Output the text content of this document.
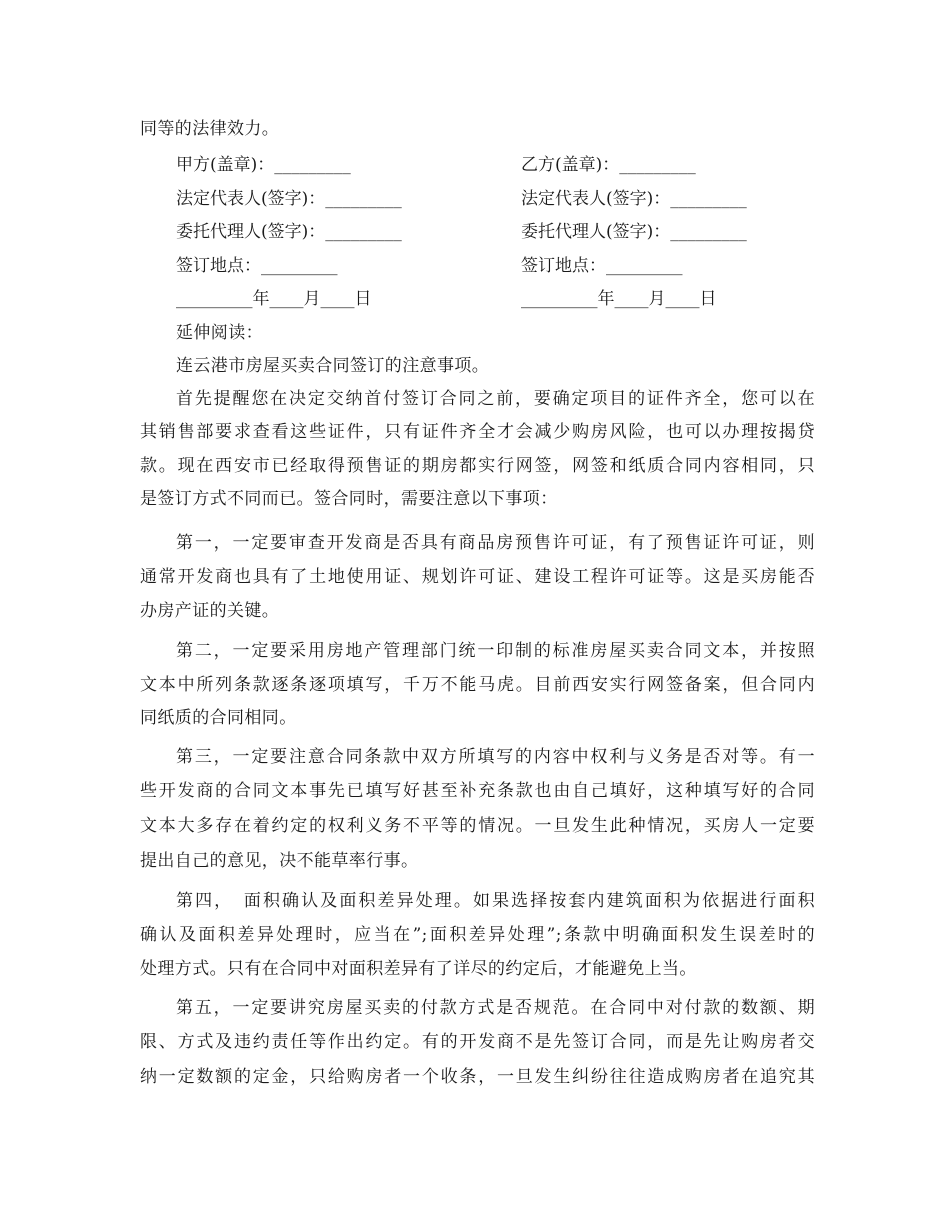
同等的法律效力。
甲方(盖章)：_________	乙方(盖章)：_________
法定代表人(签字)：_________	法定代表人(签字)：_________
委托代理人(签字)：_________	委托代理人(签字)：_________
签订地点：_________	签订地点：_________
_________年____月____日	_________年____月____日
延伸阅读：
连云港市房屋买卖合同签订的注意事项。
首先提醒您在决定交纳首付签订合同之前，要确定项目的证件齐全，您可以在
其销售部要求查看这些证件，只有证件齐全才会减少购房风险，也可以办理按揭贷
款。现在西安市已经取得预售证的期房都实行网签，网签和纸质合同内容相同，只
是签订方式不同而已。签合同时，需要注意以下事项：
第一，一定要审查开发商是否具有商品房预售许可证，有了预售证许可证，则
通常开发商也具有了土地使用证、规划许可证、建设工程许可证等。这是买房能否
办房产证的关键。
第二，一定要采用房地产管理部门统一印制的标准房屋买卖合同文本，并按照
文本中所列条款逐条逐项填写，千万不能马虎。目前西安实行网签备案，但合同内
同纸质的合同相同。
第三，一定要注意合同条款中双方所填写的内容中权利与义务是否对等。有一
些开发商的合同文本事先已填写好甚至补充条款也由自己填好，这种填写好的合同
文本大多存在着约定的权利义务不平等的情况。一旦发生此种情况，买房人一定要
提出自己的意见，决不能草率行事。
第四，　面积确认及面积差异处理。如果选择按套内建筑面积为依据进行面积
确认及面积差异处理时，应当在”;面积差异处理”;条款中明确面积发生误差时的
处理方式。只有在合同中对面积差异有了详尽的约定后，才能避免上当。
第五，一定要讲究房屋买卖的付款方式是否规范。在合同中对付款的数额、期
限、方式及违约责任等作出约定。有的开发商不是先签订合同，而是先让购房者交
纳一定数额的定金，只给购房者一个收条，一旦发生纠纷往往造成购房者在追究其
